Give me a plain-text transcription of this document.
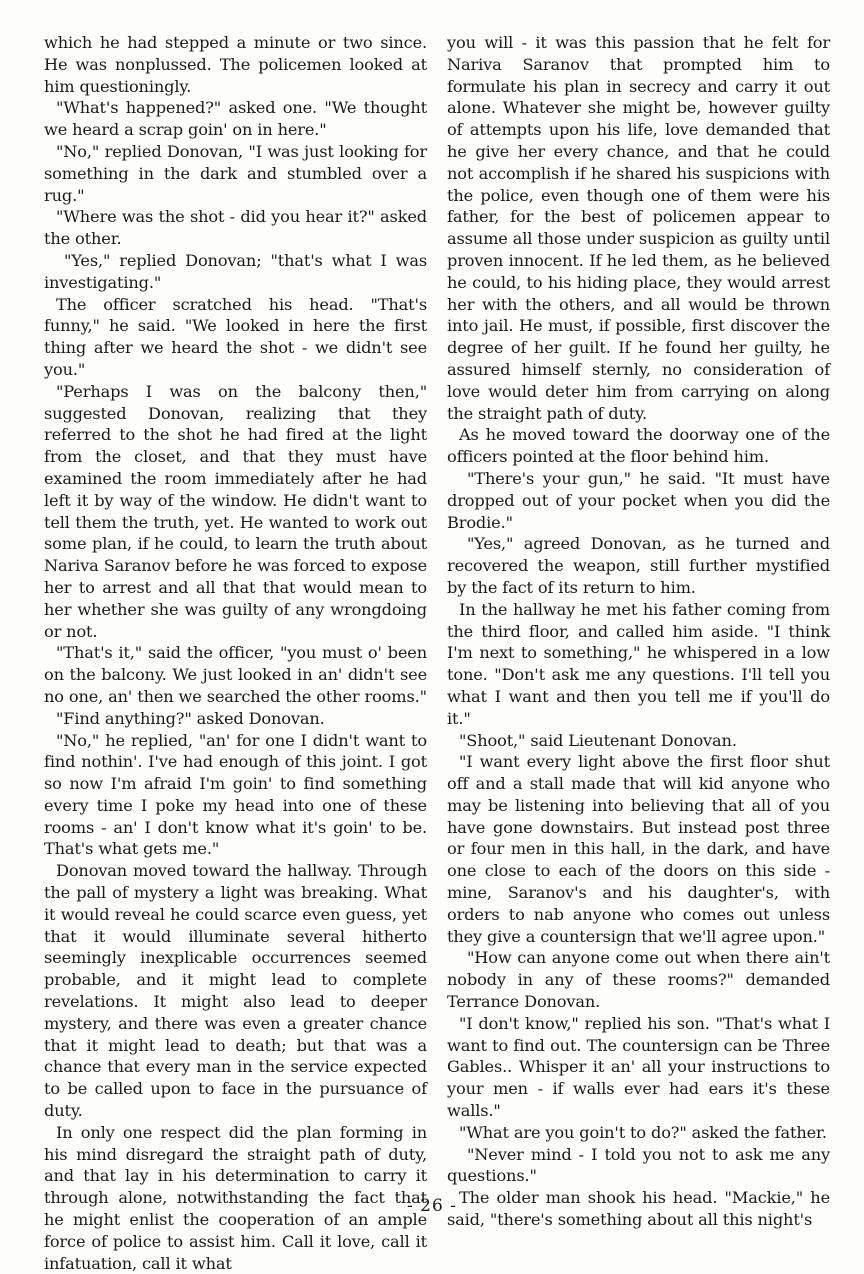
which he had stepped a minute or two since. He was nonplussed. The policemen looked at him questioningly.

"What's happened?" asked one. "We thought we heard a scrap goin' on in here."

"No," replied Donovan, "I was just looking for something in the dark and stumbled over a rug."

"Where was the shot - did you hear it?" asked the other.

"Yes," replied Donovan; "that's what I was investigating."

The officer scratched his head. "That's funny," he said. "We looked in here the first thing after we heard the shot - we didn't see you."

"Perhaps I was on the balcony then," suggested Donovan, realizing that they referred to the shot he had fired at the light from the closet, and that they must have examined the room immediately after he had left it by way of the window. He didn't want to tell them the truth, yet. He wanted to work out some plan, if he could, to learn the truth about Nariva Saranov before he was forced to expose her to arrest and all that that would mean to her whether she was guilty of any wrongdoing or not.

"That's it," said the officer, "you must o' been on the balcony. We just looked in an' didn't see no one, an' then we searched the other rooms."

"Find anything?" asked Donovan.

"No," he replied, "an' for one I didn't want to find nothin'. I've had enough of this joint. I got so now I'm afraid I'm goin' to find something every time I poke my head into one of these rooms - an' I don't know what it's goin' to be. That's what gets me."

Donovan moved toward the hallway. Through the pall of mystery a light was breaking. What it would reveal he could scarce even guess, yet that it would illuminate several hitherto seemingly inexplicable occurrences seemed probable, and it might lead to complete revelations. It might also lead to deeper mystery, and there was even a greater chance that it might lead to death; but that was a chance that every man in the service expected to be called upon to face in the pursuance of duty.

In only one respect did the plan forming in his mind disregard the straight path of duty, and that lay in his determination to carry it through alone, notwithstanding the fact that he might enlist the cooperation of an ample force of police to assist him. Call it love, call it infatuation, call it what

you will - it was this passion that he felt for Nariva Saranov that prompted him to formulate his plan in secrecy and carry it out alone. Whatever she might be, however guilty of attempts upon his life, love demanded that he give her every chance, and that he could not accomplish if he shared his suspicions with the police, even though one of them were his father, for the best of policemen appear to assume all those under suspicion as guilty until proven innocent. If he led them, as he believed he could, to his hiding place, they would arrest her with the others, and all would be thrown into jail. He must, if possible, first discover the degree of her guilt. If he found her guilty, he assured himself sternly, no consideration of love would deter him from carrying on along the straight path of duty.

As he moved toward the doorway one of the officers pointed at the floor behind him.

"There's your gun," he said. "It must have dropped out of your pocket when you did the Brodie."

"Yes," agreed Donovan, as he turned and recovered the weapon, still further mystified by the fact of its return to him.

In the hallway he met his father coming from the third floor, and called him aside. "I think I'm next to something," he whispered in a low tone. "Don't ask me any questions. I'll tell you what I want and then you tell me if you'll do it."

"Shoot," said Lieutenant Donovan.

"I want every light above the first floor shut off and a stall made that will kid anyone who may be listening into believing that all of you have gone downstairs. But instead post three or four men in this hall, in the dark, and have one close to each of the doors on this side - mine, Saranov's and his daughter's, with orders to nab anyone who comes out unless they give a countersign that we'll agree upon."

"How can anyone come out when there ain't nobody in any of these rooms?" demanded Terrance Donovan.

"I don't know," replied his son. "That's what I want to find out. The countersign can be Three Gables.. Whisper it an' all your instructions to your men - if walls ever had ears it's these walls."

"What are you goin't to do?" asked the father.

"Never mind - I told you not to ask me any questions."

The older man shook his head. "Mackie," he said, "there's something about all this night's

- 26 -
